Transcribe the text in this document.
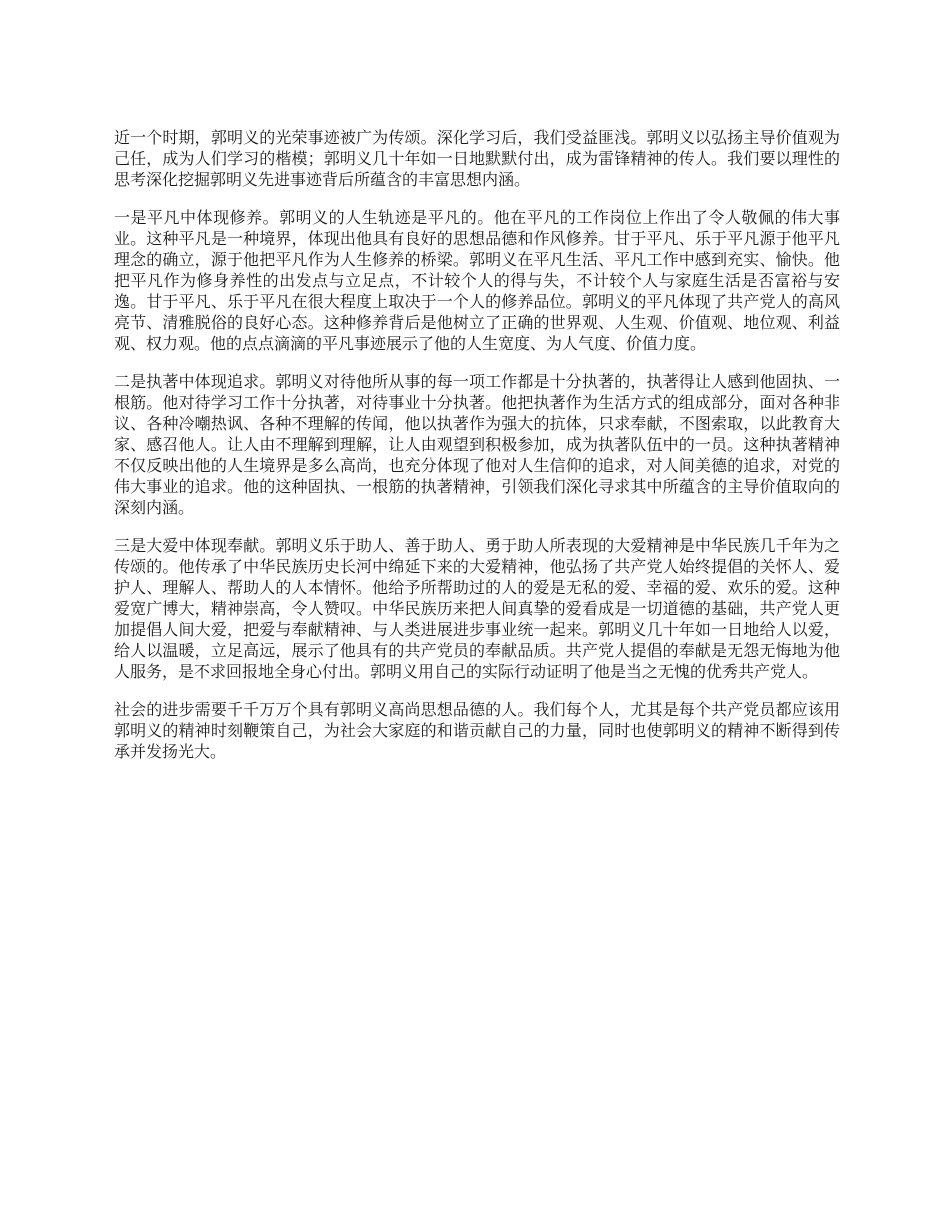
近一个时期，郭明义的光荣事迹被广为传颂。深化学习后，我们受益匪浅。郭明义以弘扬主导价值观为己任，成为人们学习的楷模；郭明义几十年如一日地默默付出，成为雷锋精神的传人。我们要以理性的思考深化挖掘郭明义先进事迹背后所蕴含的丰富思想内涵。

一是平凡中体现修养。郭明义的人生轨迹是平凡的。他在平凡的工作岗位上作出了令人敬佩的伟大事业。这种平凡是一种境界，体现出他具有良好的思想品德和作风修养。甘于平凡、乐于平凡源于他平凡理念的确立，源于他把平凡作为人生修养的桥梁。郭明义在平凡生活、平凡工作中感到充实、愉快。他把平凡作为修身养性的出发点与立足点，不计较个人的得与失，不计较个人与家庭生活是否富裕与安逸。甘于平凡、乐于平凡在很大程度上取决于一个人的修养品位。郭明义的平凡体现了共产党人的高风亮节、清雅脱俗的良好心态。这种修养背后是他树立了正确的世界观、人生观、价值观、地位观、利益观、权力观。他的点点滴滴的平凡事迹展示了他的人生宽度、为人气度、价值力度。

二是执著中体现追求。郭明义对待他所从事的每一项工作都是十分执著的，执著得让人感到他固执、一根筋。他对待学习工作十分执著，对待事业十分执著。他把执著作为生活方式的组成部分，面对各种非议、各种冷嘲热讽、各种不理解的传闻，他以执著作为强大的抗体，只求奉献，不图索取，以此教育大家、感召他人。让人由不理解到理解，让人由观望到积极参加，成为执著队伍中的一员。这种执著精神不仅反映出他的人生境界是多么高尚，也充分体现了他对人生信仰的追求，对人间美德的追求，对党的伟大事业的追求。他的这种固执、一根筋的执著精神，引领我们深化寻求其中所蕴含的主导价值取向的深刻内涵。

三是大爱中体现奉献。郭明义乐于助人、善于助人、勇于助人所表现的大爱精神是中华民族几千年为之传颂的。他传承了中华民族历史长河中绵延下来的大爱精神，他弘扬了共产党人始终提倡的关怀人、爱护人、理解人、帮助人的人本情怀。他给予所帮助过的人的爱是无私的爱、幸福的爱、欢乐的爱。这种爱宽广博大，精神崇高，令人赞叹。中华民族历来把人间真挚的爱看成是一切道德的基础，共产党人更加提倡人间大爱，把爱与奉献精神、与人类进展进步事业统一起来。郭明义几十年如一日地给人以爱，给人以温暖，立足高远，展示了他具有的共产党员的奉献品质。共产党人提倡的奉献是无怨无悔地为他人服务，是不求回报地全身心付出。郭明义用自己的实际行动证明了他是当之无愧的优秀共产党人。

社会的进步需要千千万万个具有郭明义高尚思想品德的人。我们每个人，尤其是每个共产党员都应该用郭明义的精神时刻鞭策自己，为社会大家庭的和谐贡献自己的力量，同时也使郭明义的精神不断得到传承并发扬光大。
